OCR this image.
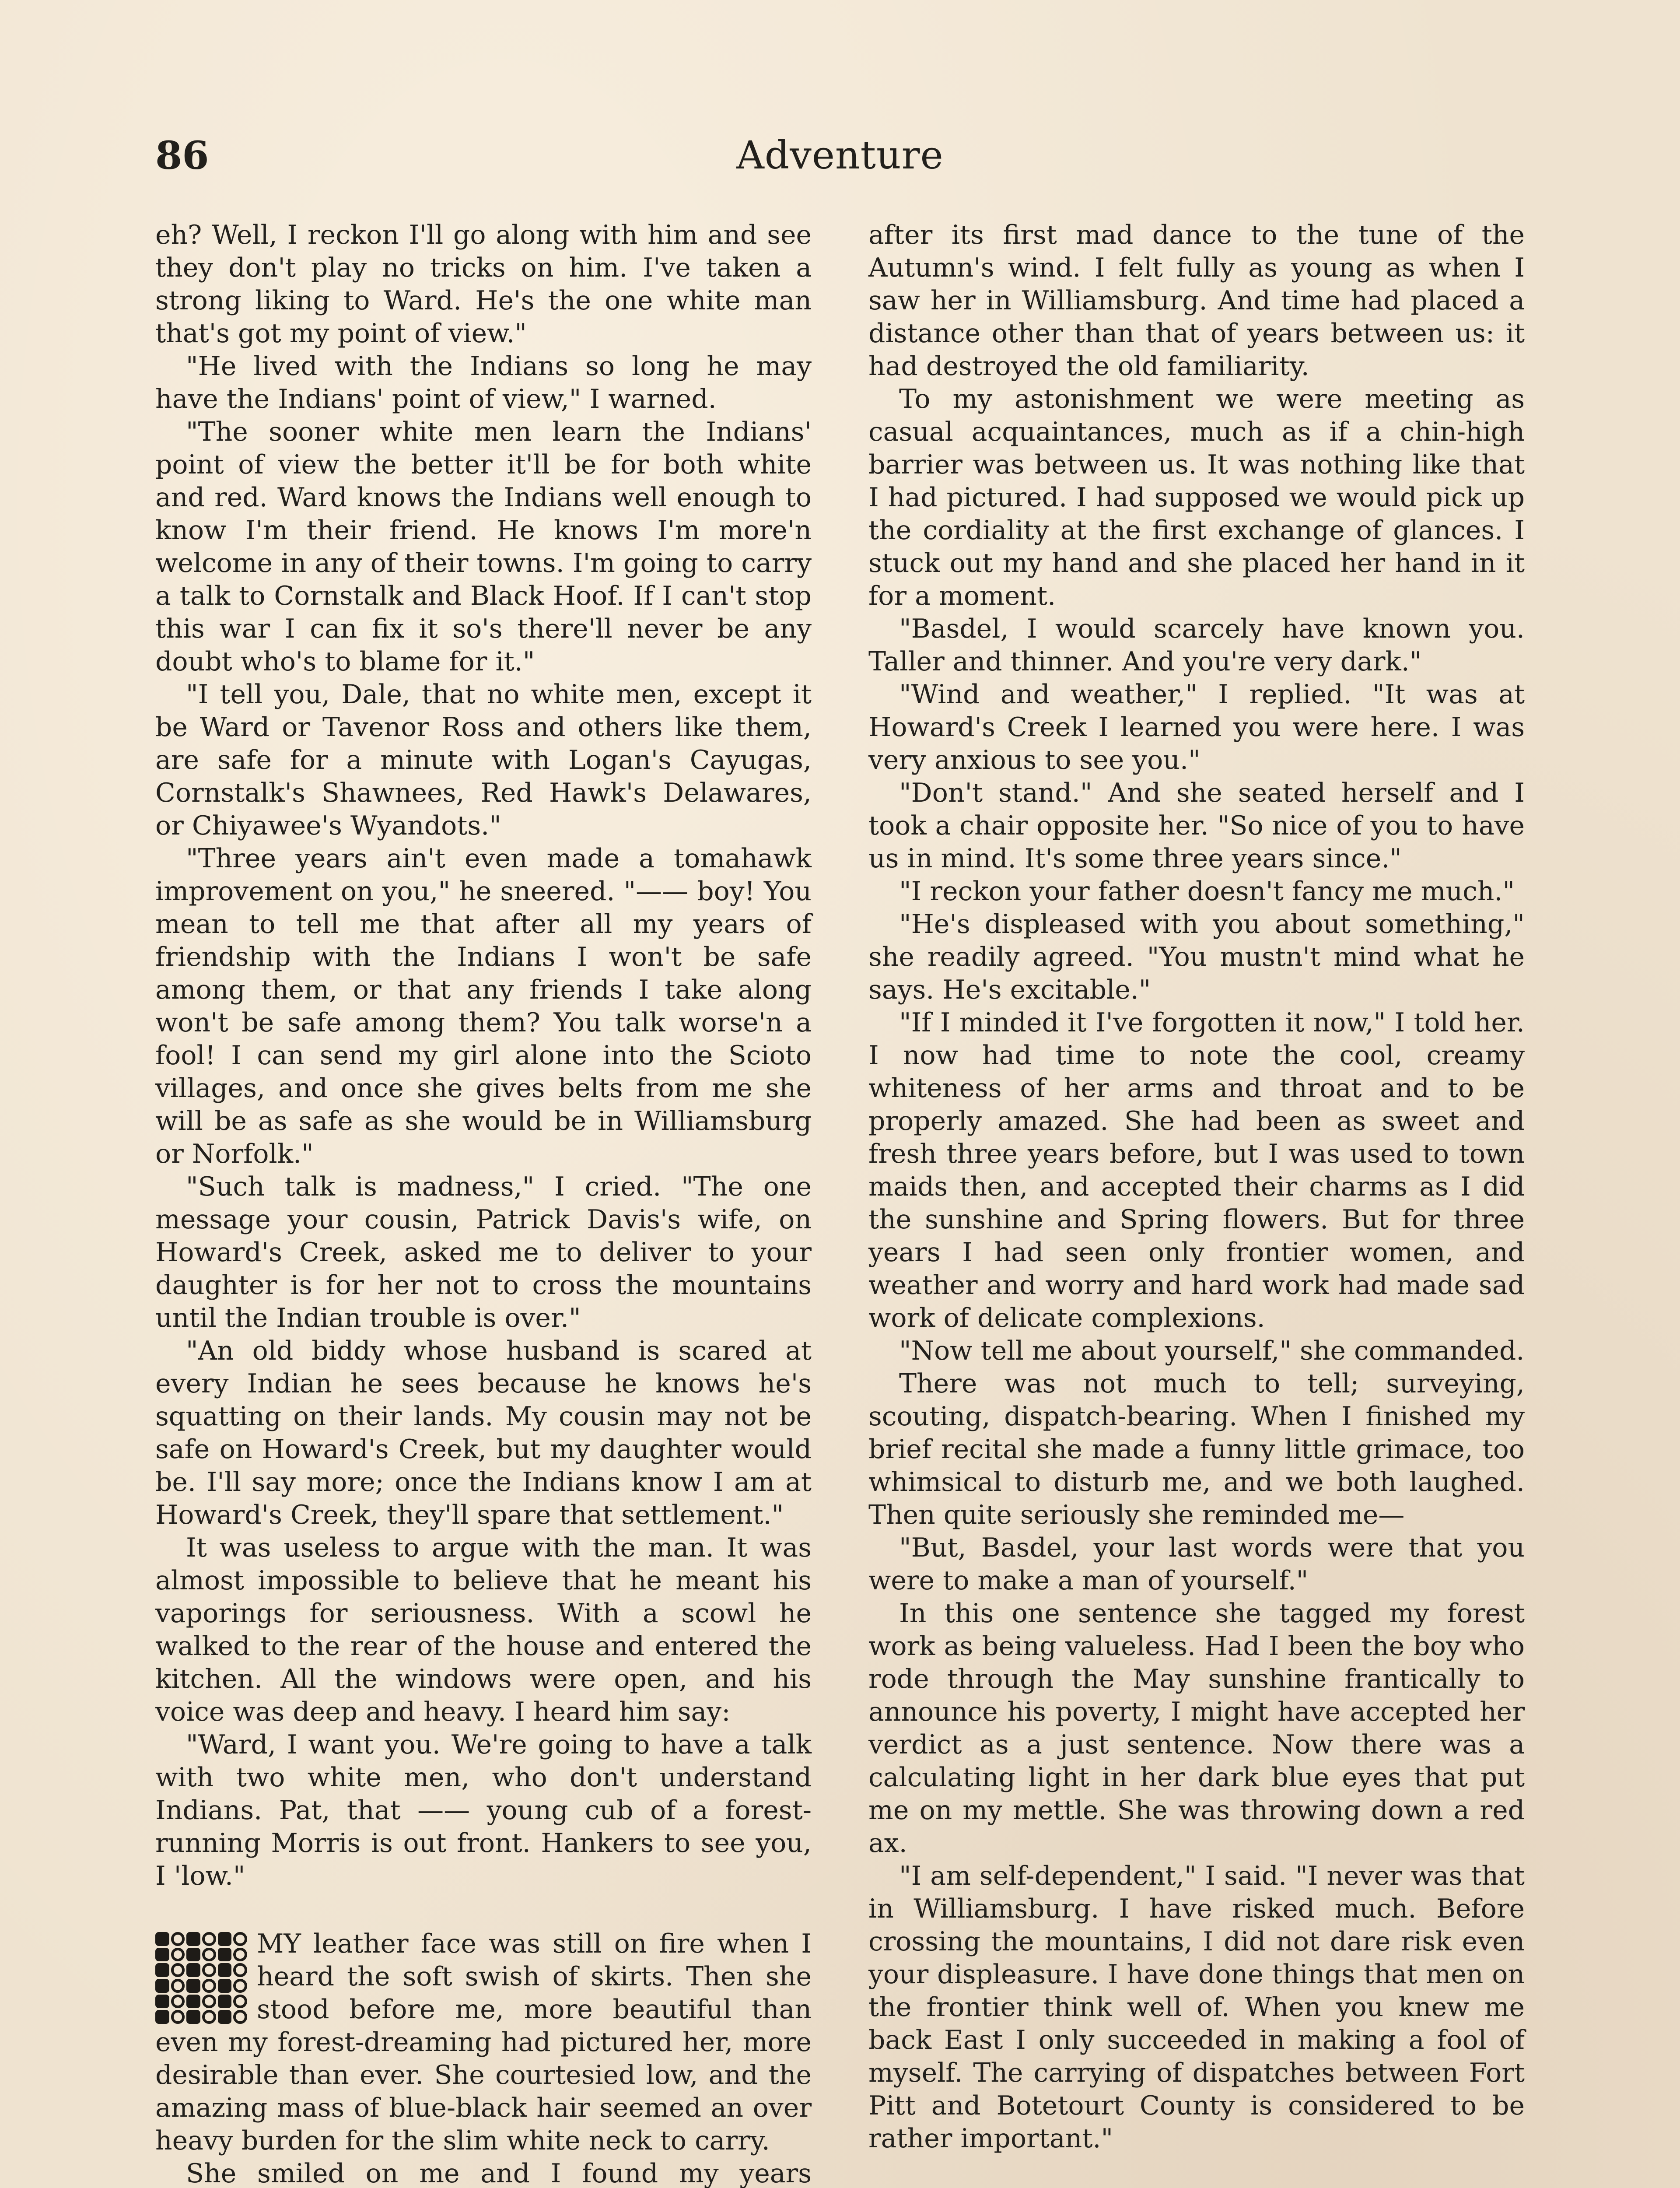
86	Adventure

eh? Well, I reckon I'll go along with him and see they don't play no tricks on him. I've taken a strong liking to Ward. He's the one white man that's got my point of view."

"He lived with the Indians so long he may have the Indians' point of view," I warned.

"The sooner white men learn the Indians' point of view the better it'll be for both white and red. Ward knows the Indians well enough to know I'm their friend. He knows I'm more'n welcome in any of their towns. I'm going to carry a talk to Cornstalk and Black Hoof. If I can't stop this war I can fix it so's there'll never be any doubt who's to blame for it."

"I tell you, Dale, that no white men, except it be Ward or Tavenor Ross and others like them, are safe for a minute with Logan's Cayugas, Cornstalk's Shawnees, Red Hawk's Delawares, or Chiyawee's Wyandots."

"Three years ain't even made a tomahawk improvement on you," he sneered. "—— boy! You mean to tell me that after all my years of friendship with the Indians I won't be safe among them, or that any friends I take along won't be safe among them? You talk worse'n a fool! I can send my girl alone into the Scioto villages, and once she gives belts from me she will be as safe as she would be in Williamsburg or Norfolk."

"Such talk is madness," I cried. "The one message your cousin, Patrick Davis's wife, on Howard's Creek, asked me to deliver to your daughter is for her not to cross the mountains until the Indian trouble is over."

"An old biddy whose husband is scared at every Indian he sees because he knows he's squatting on their lands. My cousin may not be safe on Howard's Creek, but my daughter would be. I'll say more; once the Indians know I am at Howard's Creek, they'll spare that settlement."

It was useless to argue with the man. It was almost impossible to believe that he meant his vaporings for seriousness. With a scowl he walked to the rear of the house and entered the kitchen. All the windows were open, and his voice was deep and heavy. I heard him say:

"Ward, I want you. We're going to have a talk with two white men, who don't understand Indians. Pat, that —— young cub of a forest-running Morris is out front. Hankers to see you, I 'low."

MY leather face was still on fire when I heard the soft swish of skirts. Then she stood before me, more beautiful than even my forest-dreaming had pictured her, more desirable than ever. She courtesied low, and the amazing mass of blue-black hair seemed an over heavy burden for the slim white neck to carry.

She smiled on me and I found my years

after its first mad dance to the tune of the Autumn's wind. I felt fully as young as when I saw her in Williamsburg. And time had placed a distance other than that of years between us: it had destroyed the old familiarity.

To my astonishment we were meeting as casual acquaintances, much as if a chin-high barrier was between us. It was nothing like that I had pictured. I had supposed we would pick up the cordiality at the first exchange of glances. I stuck out my hand and she placed her hand in it for a moment.

"Basdel, I would scarcely have known you. Taller and thinner. And you're very dark."

"Wind and weather," I replied. "It was at Howard's Creek I learned you were here. I was very anxious to see you."

"Don't stand." And she seated herself and I took a chair opposite her. "So nice of you to have us in mind. It's some three years since."

"I reckon your father doesn't fancy me much."

"He's displeased with you about something," she readily agreed. "You mustn't mind what he says. He's excitable."

"If I minded it I've forgotten it now," I told her. I now had time to note the cool, creamy whiteness of her arms and throat and to be properly amazed. She had been as sweet and fresh three years before, but I was used to town maids then, and accepted their charms as I did the sunshine and Spring flowers. But for three years I had seen only frontier women, and weather and worry and hard work had made sad work of delicate complexions.

"Now tell me about yourself," she commanded.

There was not much to tell; surveying, scouting, dispatch-bearing. When I finished my brief recital she made a funny little grimace, too whimsical to disturb me, and we both laughed. Then quite seriously she reminded me—

"But, Basdel, your last words were that you were to make a man of yourself."

In this one sentence she tagged my forest work as being valueless. Had I been the boy who rode through the May sunshine frantically to announce his poverty, I might have accepted her verdict as a just sentence. Now there was a calculating light in her dark blue eyes that put me on my mettle. She was throwing down a red ax.

"I am self-dependent," I said. "I never was that in Williamsburg. I have risked much. Before crossing the mountains, I did not dare risk even your displeasure. I have done things that men on the frontier think well of. When you knew me back East I only succeeded in making a fool of myself. The carrying of dispatches between Fort Pitt and Botetourt County is considered to be rather important."
